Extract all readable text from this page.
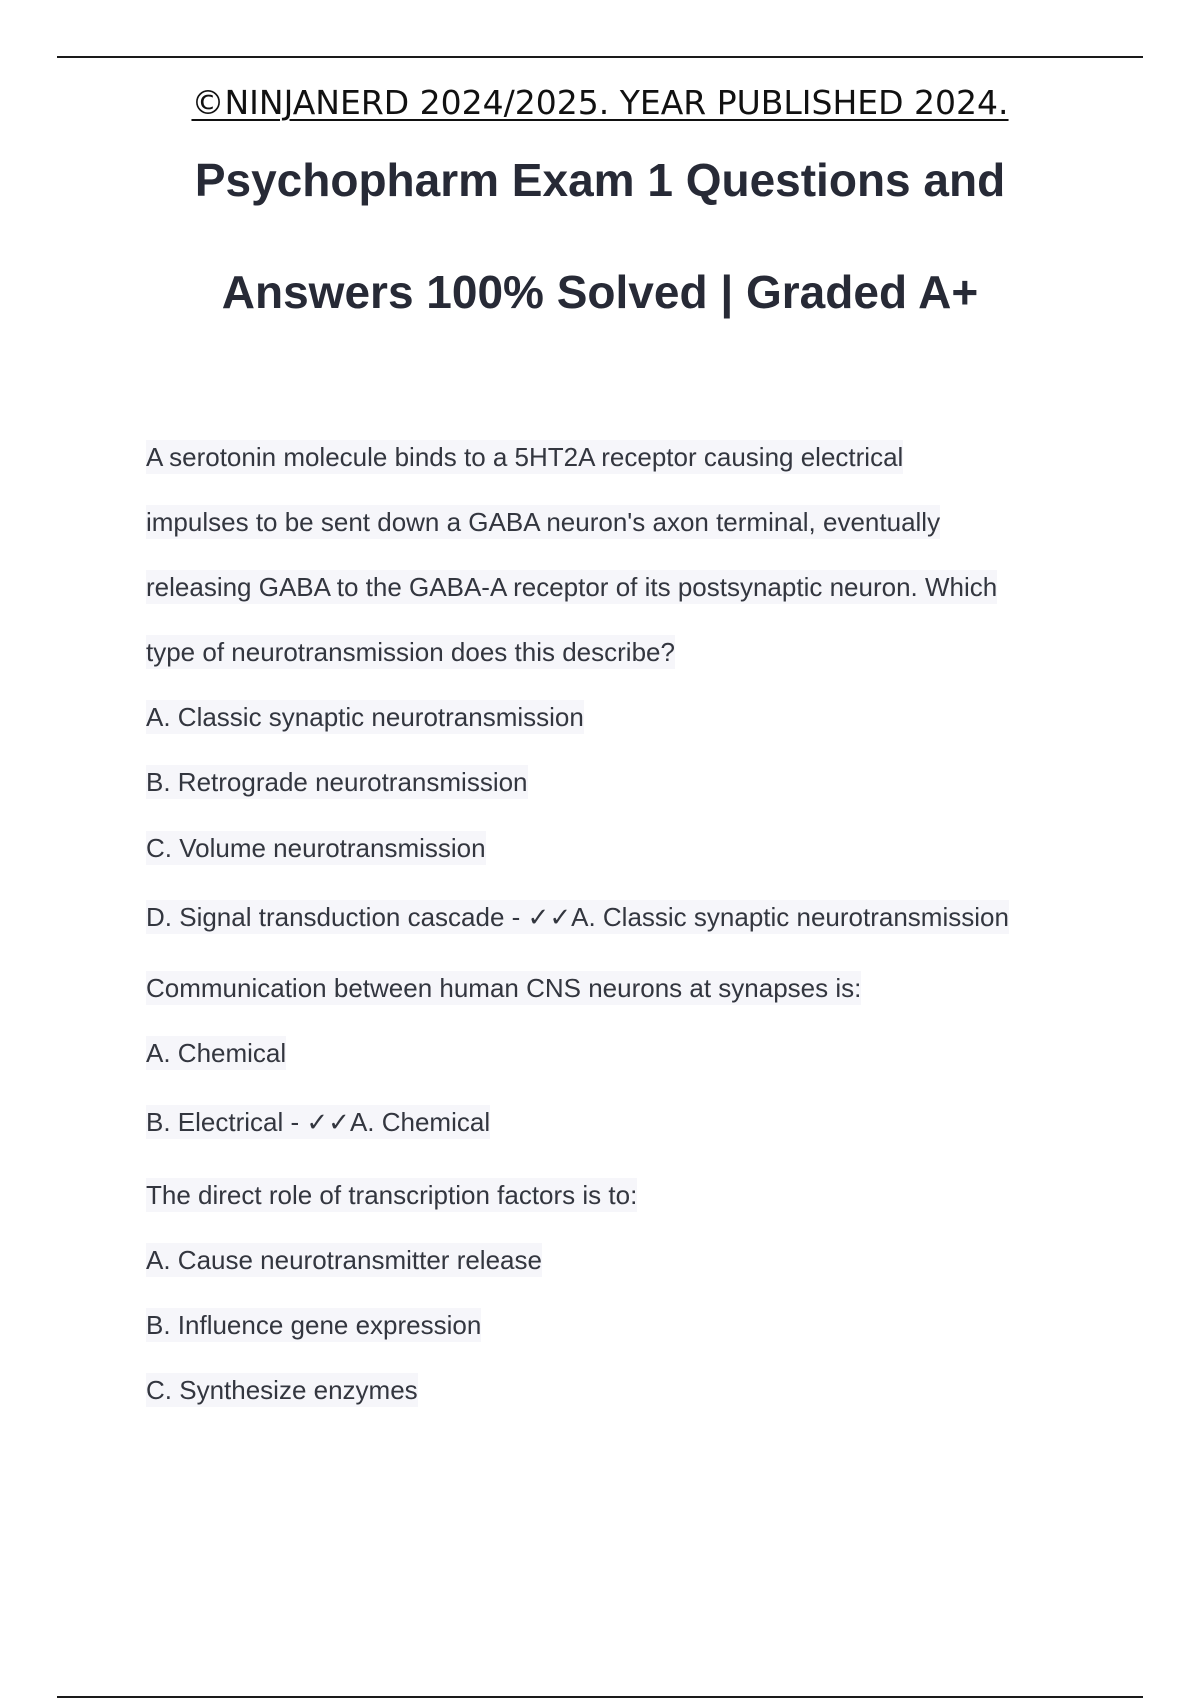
©NINJANERD 2024/2025. YEAR PUBLISHED 2024.
Psychopharm Exam 1 Questions and
Answers 100% Solved | Graded A+
A serotonin molecule binds to a 5HT2A receptor causing electrical
impulses to be sent down a GABA neuron's axon terminal, eventually
releasing GABA to the GABA-A receptor of its postsynaptic neuron. Which
type of neurotransmission does this describe?
A. Classic synaptic neurotransmission
B. Retrograde neurotransmission
C. Volume neurotransmission
D. Signal transduction cascade - ✓✓A. Classic synaptic neurotransmission
Communication between human CNS neurons at synapses is:
A. Chemical
B. Electrical - ✓✓A. Chemical
The direct role of transcription factors is to:
A. Cause neurotransmitter release
B. Influence gene expression
C. Synthesize enzymes
